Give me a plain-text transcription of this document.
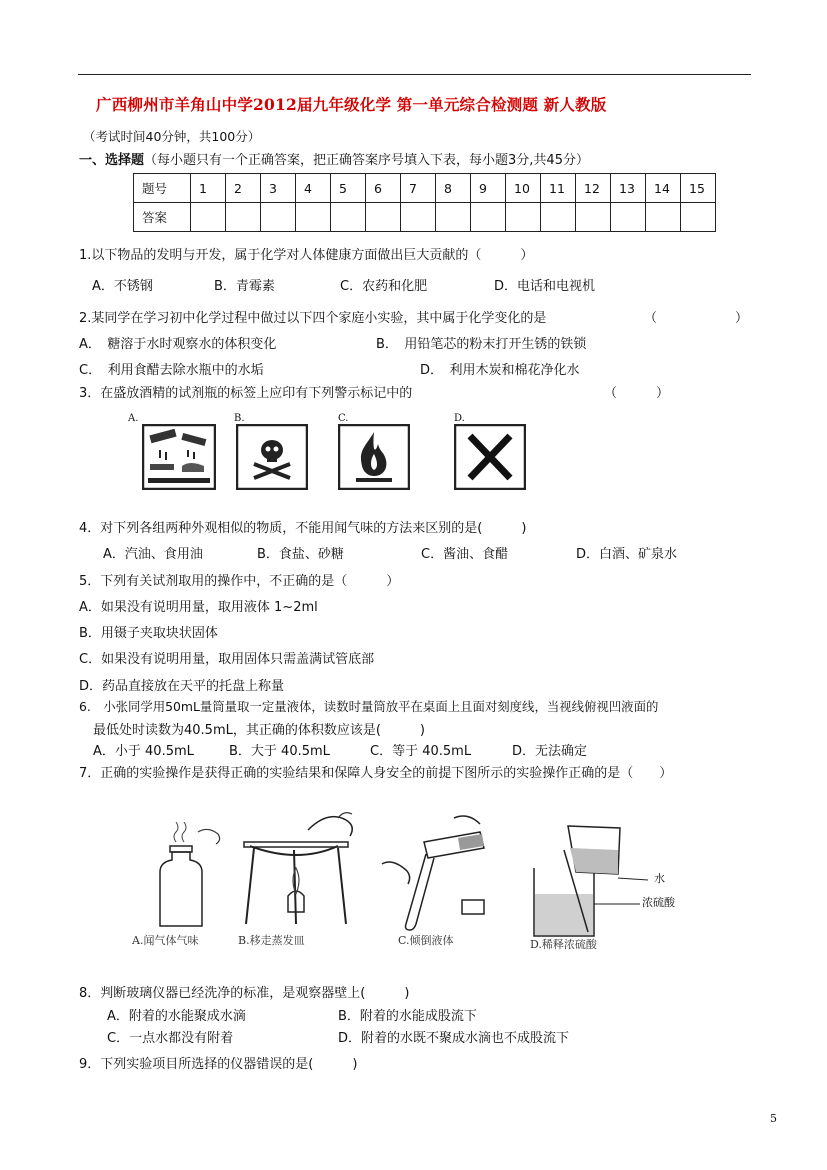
广西柳州市羊角山中学2012届九年级化学 第一单元综合检测题 新人教版
（考试时间40分钟，共100分）
一、选择题（每小题只有一个正确答案，把正确答案序号填入下表，每小题3分,共45分）
题号	1	2	3	4	5	6	7	8	9	10	11	12	13	14	15
答案															
1.以下物品的发明与开发，属于化学对人体健康方面做出巨大贡献的（　　　）
A．不锈钢	B．青霉素	C．农药和化肥	D．电话和电视机
2.某同学在学习初中化学过程中做过以下四个家庭小实验，其中属于化学变化的是	（　　　　　　）
A．　糖溶于水时观察水的体积变化	B．　用铅笔芯的粉末打开生锈的铁锁
C．　利用食醋去除水瓶中的水垢	D．　利用木炭和棉花净化水
3．在盛放酒精的试剂瓶的标签上应印有下列警示标记中的	（　　　）
A.	B.	C.	D.
4．对下列各组两种外观相似的物质，不能用闻气味的方法来区别的是(　　　)
A．汽油、食用油	B．食盐、砂糖	C．酱油、食醋	D．白酒、矿泉水
5．下列有关试剂取用的操作中，不正确的是（　　　）
A．如果没有说明用量，取用液体 1~2ml
B．用镊子夹取块状固体
C．如果没有说明用量，取用固体只需盖满试管底部
D．药品直接放在天平的托盘上称量
6.　小张同学用50mL量筒量取一定量液体，读数时量筒放平在桌面上且面对刻度线，当视线俯视凹液面的
最低处时读数为40.5mL，其正确的体积数应该是(　　　)
A．小于 40.5mL	B．大于 40.5mL	C．等于 40.5mL	D．无法确定
7．正确的实验操作是获得正确的实验结果和保障人身安全的前提下图所示的实验操作正确的是（　　）
A.闻气体气味	B.移走蒸发皿	C.倾倒液体
水
浓硫酸
D.稀释浓硫酸
8．判断玻璃仪器已经洗净的标准，是观察器壁上(　　　)
A．附着的水能聚成水滴	B．附着的水能成股流下
C．一点水都没有附着	D．附着的水既不聚成水滴也不成股流下
9．下列实验项目所选择的仪器错误的是(　　　)
5
